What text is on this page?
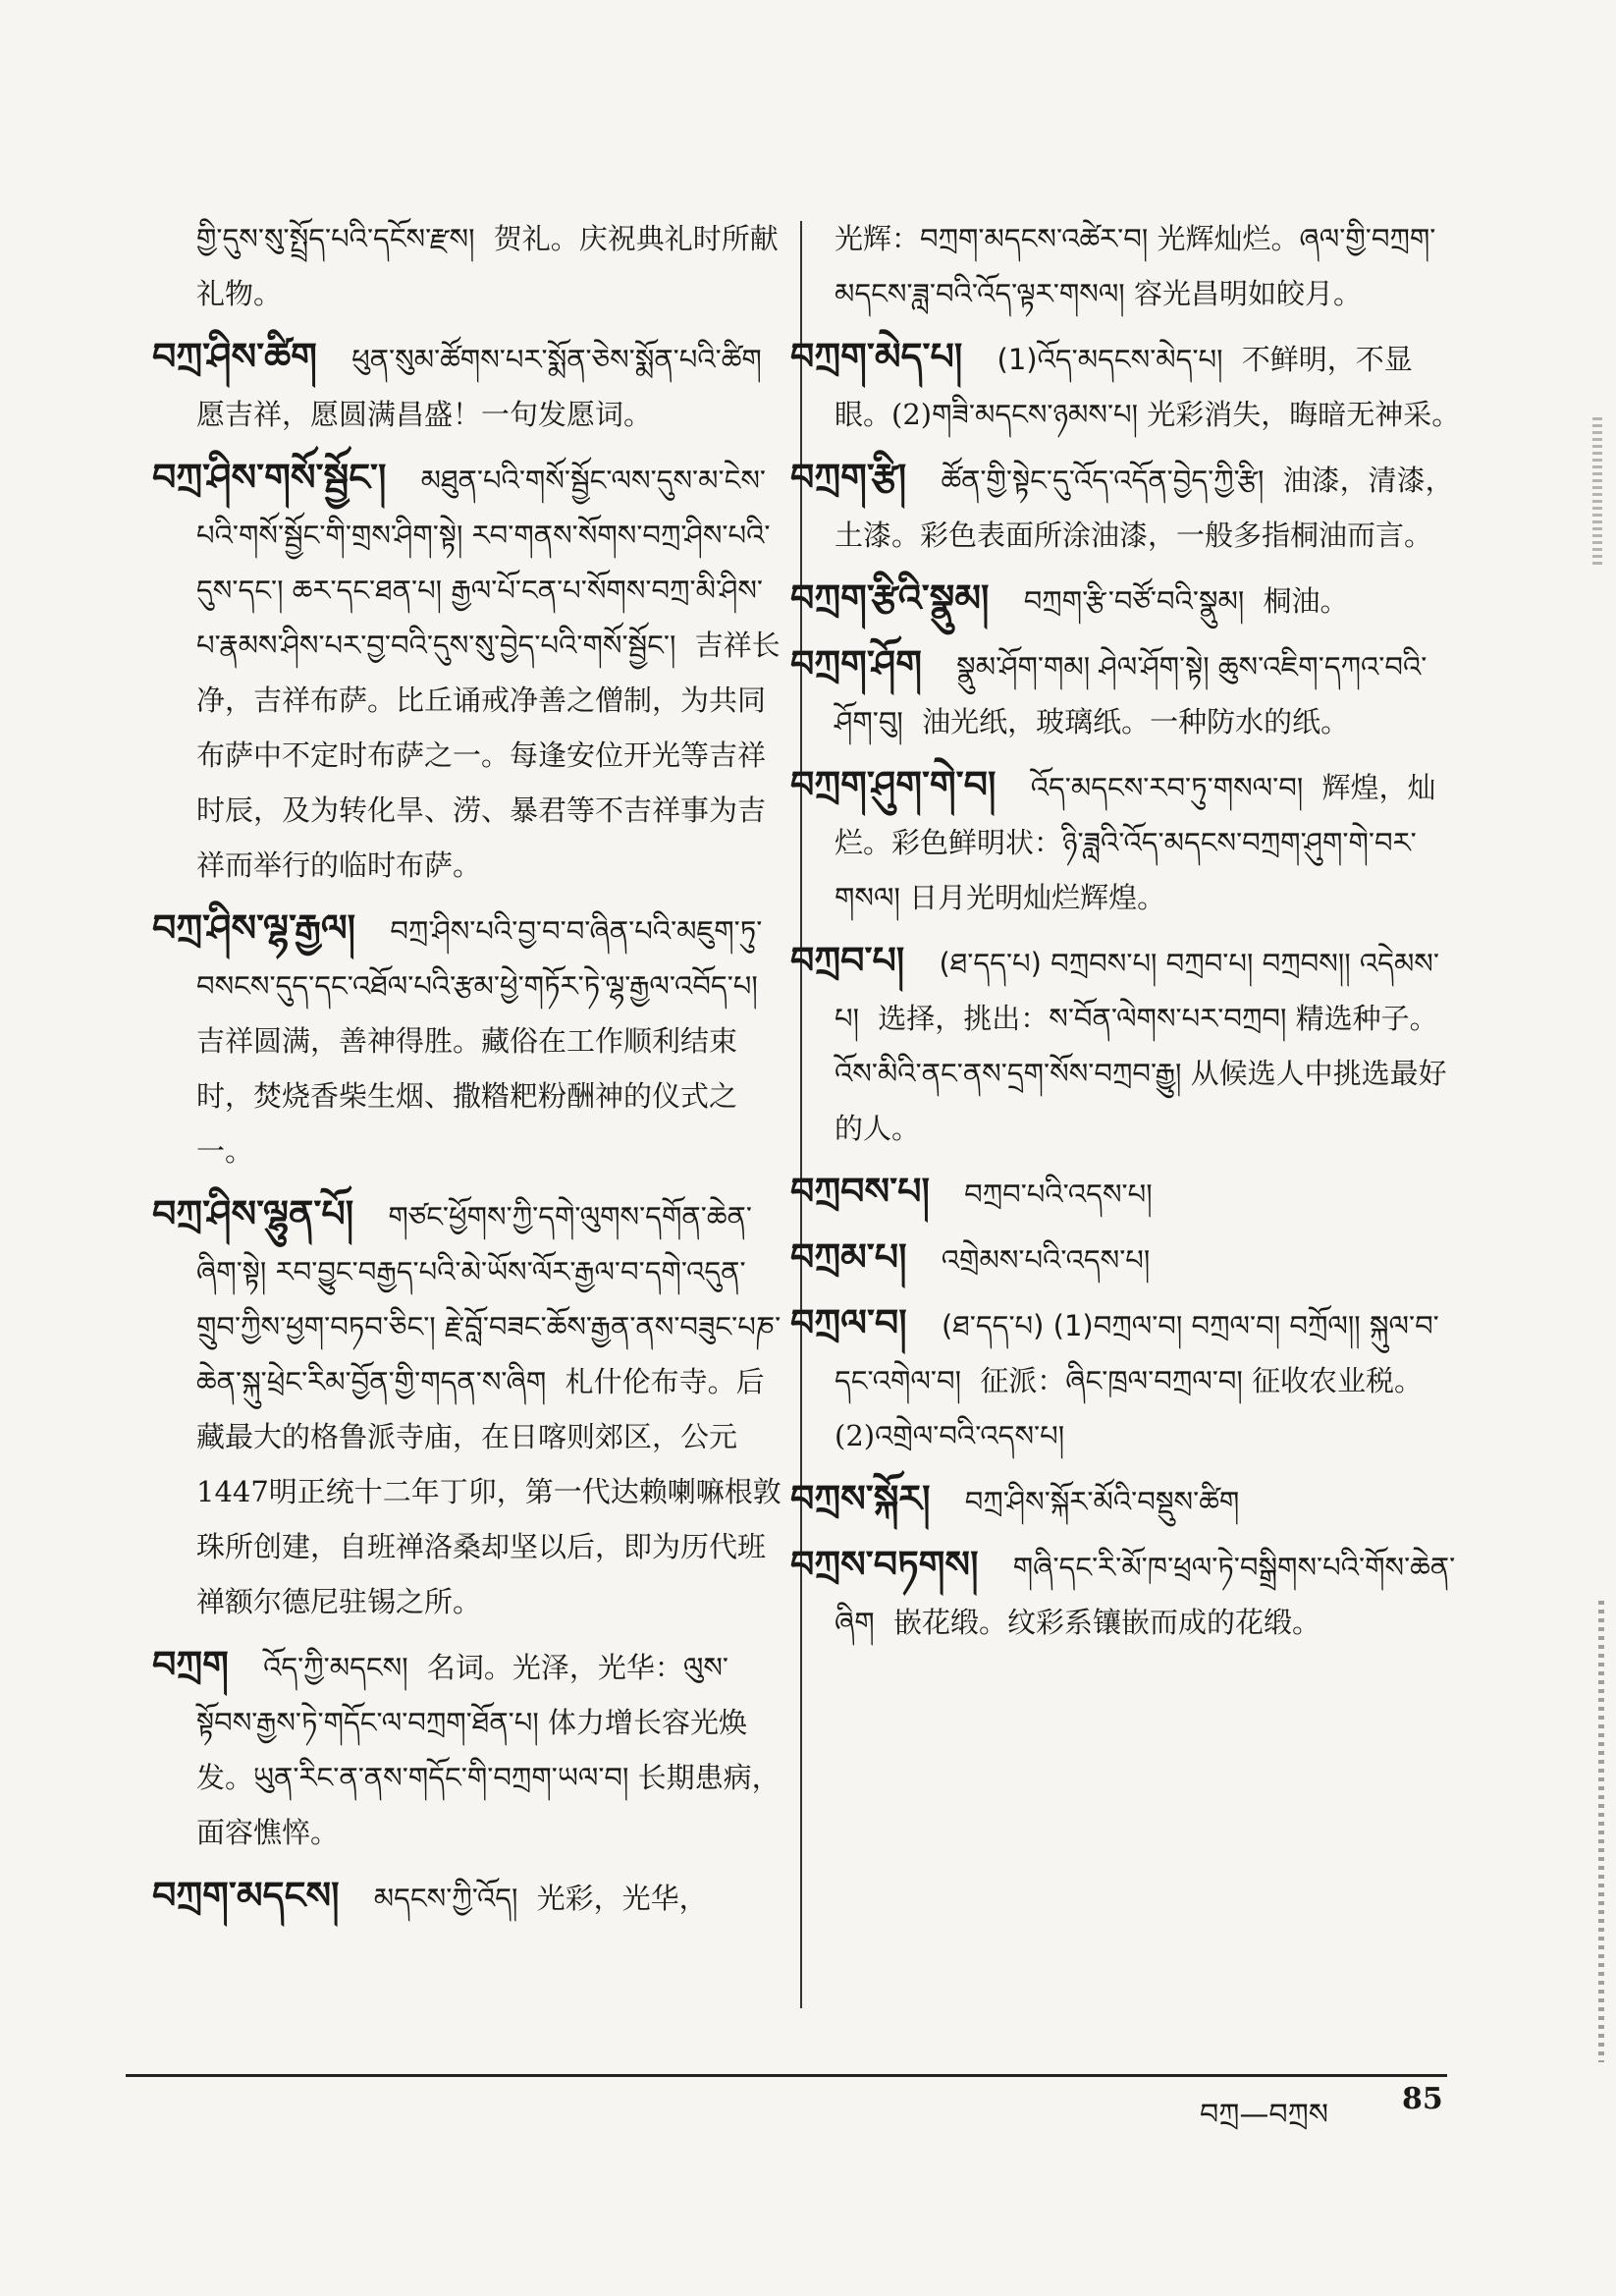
གྱི་དུས་སུ་སྤྲོད་པའི་དངོས་རྫས། 贺礼。庆祝典礼时所献礼物。
བཀྲ་ཤིས་ཚིག ཕུན་སུམ་ཚོགས་པར་སྨོན་ཅེས་སྨོན་པའི་ཚིག 愿吉祥，愿圆满昌盛！一句发愿词。
བཀྲ་ཤིས་གསོ་སྦྱོང་། མཐུན་པའི་གསོ་སྦྱོང་ལས་དུས་མ་ངེས་པའི་གསོ་སྦྱོང་གི་གྲས་ཤིག་སྟེ། རབ་གནས་སོགས་བཀྲ་ཤིས་པའི་དུས་དང་། ཆར་དང་ཐན་པ། རྒྱལ་པོ་ངན་པ་སོགས་བཀྲ་མི་ཤིས་པ་རྣམས་ཤིས་པར་བྱ་བའི་དུས་སུ་བྱེད་པའི་གསོ་སྦྱོང་། 吉祥长净，吉祥布萨。比丘诵戒净善之僧制，为共同布萨中不定时布萨之一。每逢安位开光等吉祥时辰，及为转化旱、涝、暴君等不吉祥事为吉祥而举行的临时布萨。
བཀྲ་ཤིས་ལྷ་རྒྱལ། བཀྲ་ཤིས་པའི་བྱ་བ་བ་ཞིན་པའི་མཇུག་ཏུ་བསངས་དུད་དང་འཐོལ་པའི་རྩམ་ཕྱེ་གཏོར་ཏེ་ལྷ་རྒྱལ་འབོད་པ། 吉祥圆满，善神得胜。藏俗在工作顺利结束时，焚烧香柴生烟、撒糌粑粉酬神的仪式之一。
བཀྲ་ཤིས་ལྷུན་པོ། གཙང་ཕྱོགས་ཀྱི་དགེ་ལུགས་དགོན་ཆེན་ཞིག་སྟེ། རབ་བྱུང་བརྒྱད་པའི་མེ་ཡོས་ལོར་རྒྱལ་བ་དགེ་འདུན་གྲུབ་ཀྱིས་ཕྱག་བཏབ་ཅིང་། རྗེ་བློ་བཟང་ཆོས་རྒྱན་ནས་བཟུང་པཎ་ཆེན་སྐུ་ཕྲེང་རིམ་བྱོན་གྱི་གདན་ས་ཞིག 札什伦布寺。后藏最大的格鲁派寺庙，在日喀则郊区，公元1447明正统十二年丁卯，第一代达赖喇嘛根敦珠所创建，自班禅洛桑却坚以后，即为历代班禅额尔德尼驻锡之所。
བཀྲག འོད་ཀྱི་མདངས། 名词。光泽，光华：ལུས་སྟོབས་རྒྱས་ཏེ་གདོང་ལ་བཀྲག་ཐོན་པ། 体力增长容光焕发。ཡུན་རིང་ན་ནས་གདོང་གི་བཀྲག་ཡལ་བ། 长期患病，面容憔悴。
བཀྲག་མདངས། མདངས་ཀྱི་འོད། 光彩，光华，
光辉：བཀྲག་མདངས་འཚེར་བ། 光辉灿烂。ཞལ་གྱི་བཀྲག་མདངས་ཟླ་བའི་འོད་ལྟར་གསལ། 容光昌明如皎月。
བཀྲག་མེད་པ། (1)འོད་མདངས་མེད་པ། 不鲜明，不显眼。(2)གཟི་མདངས་ཉམས་པ། 光彩消失，晦暗无神采。
བཀྲག་རྩི། ཚོན་གྱི་སྟེང་དུ་འོད་འདོན་བྱེད་ཀྱི་རྩི། 油漆，清漆，土漆。彩色表面所涂油漆，一般多指桐油而言。
བཀྲག་རྩིའི་སྣུམ། བཀྲག་རྩི་བཙོ་བའི་སྣུམ། 桐油。
བཀྲག་ཤོག སྣུམ་ཤོག་གམ། ཤེལ་ཤོག་སྟེ། ཆུས་འཇིག་དཀའ་བའི་ཤོག་བུ། 油光纸，玻璃纸。一种防水的纸。
བཀྲག་ཤུག་གེ་བ། འོད་མདངས་རབ་ཏུ་གསལ་བ། 辉煌，灿烂。彩色鲜明状：ཉི་ཟླའི་འོད་མདངས་བཀྲག་ཤུག་གེ་བར་གསལ། 日月光明灿烂辉煌。
བཀྲབ་པ། (ཐ་དད་པ) བཀྲབས་པ། བཀྲབ་པ། བཀྲབས།། འདེམས་པ། 选择，挑出：ས་བོན་ལེགས་པར་བཀྲབ། 精选种子。འོས་མིའི་ནང་ནས་དྲག་སོས་བཀྲབ་རྒྱུ། 从候选人中挑选最好的人。
བཀྲབས་པ། བཀྲབ་པའི་འདས་པ།
བཀྲམ་པ། འགྲེམས་པའི་འདས་པ།
བཀྲལ་བ། (ཐ་དད་པ) (1)བཀྲལ་བ། བཀྲལ་བ། བཀྲོལ།། སྐུལ་བ་དང་འགེལ་བ། 征派：ཞིང་ཁྲལ་བཀྲལ་བ། 征收农业税。(2)འགྲེལ་བའི་འདས་པ།
བཀྲས་སྐོར། བཀྲ་ཤིས་སྐོར་མོའི་བསྡུས་ཚིག
བཀྲས་བཏགས། གཞི་དང་རི་མོ་ཁ་ཕྲལ་ཏེ་བསྒྲིགས་པའི་གོས་ཆེན་ཞིག 嵌花缎。纹彩系镶嵌而成的花缎。
བཀྲ—བཀྲས	85
